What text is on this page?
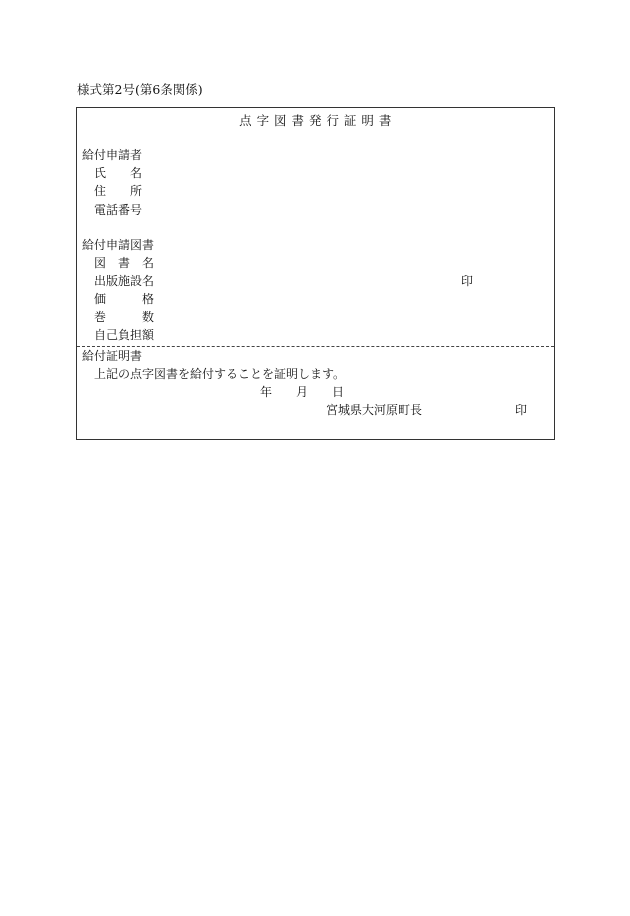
様式第2号(第6条関係)
点 字 図 書 発 行 証 明 書
給付申請者
氏　　名
住　　所
電話番号
給付申請図書
図　書　名
出版施設名	印
価　　　格
巻　　　数
自己負担額
給付証明書
上記の点字図書を給付することを証明します。
年　　月　　日
宮城県大河原町長	印
